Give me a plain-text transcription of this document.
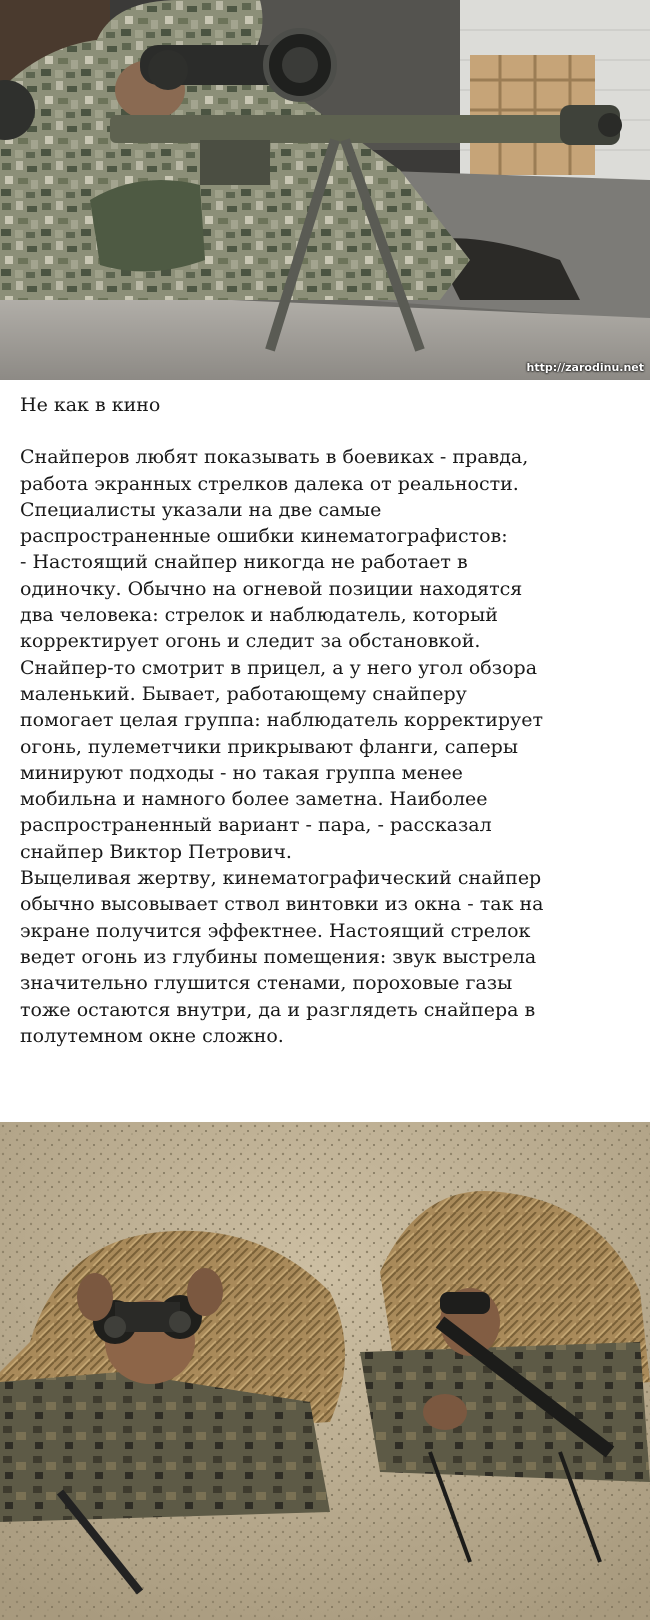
http://zarodinu.net

Не как в кино

Снайперов любят показывать в боевиках - правда,
работа экранных стрелков далека от реальности.
Специалисты указали на две самые
распространенные ошибки кинематографистов:
- Настоящий снайпер никогда не работает в
одиночку. Обычно на огневой позиции находятся
два человека: стрелок и наблюдатель, который
корректирует огонь и следит за обстановкой.
Снайпер-то смотрит в прицел, а у него угол обзора
маленький. Бывает, работающему снайперу
помогает целая группа: наблюдатель корректирует
огонь, пулеметчики прикрывают фланги, саперы
минируют подходы - но такая группа менее
мобильна и намного более заметна. Наиболее
распространенный вариант - пара, - рассказал
снайпер Виктор Петрович.
Выцеливая жертву, кинематографический снайпер
обычно высовывает ствол винтовки из окна - так на
экране получится эффектнее. Настоящий стрелок
ведет огонь из глубины помещения: звук выстрела
значительно глушится стенами, пороховые газы
тоже остаются внутри, да и разглядеть снайпера в
полутемном окне сложно.
